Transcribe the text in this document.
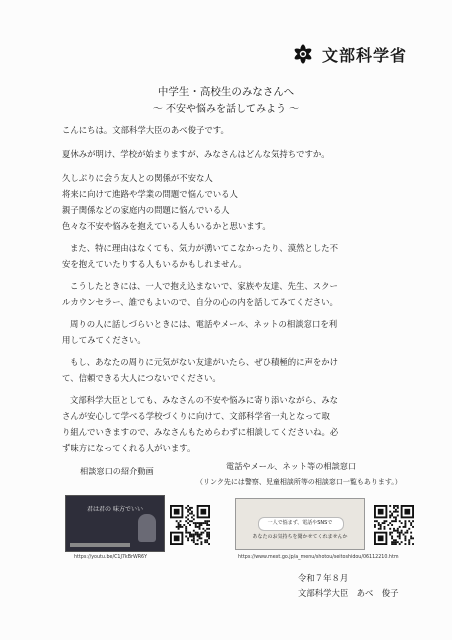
文部科学省
中学生・高校生のみなさんへ
～ 不安や悩みを話してみよう ～
こんにちは。文部科学大臣のあべ俊子です。
夏休みが明け、学校が始まりますが、みなさんはどんな気持ちですか。
久しぶりに会う友人との関係が不安な人
将来に向けて進路や学業の問題で悩んでいる人
親子関係などの家庭内の問題に悩んでいる人
色々な不安や悩みを抱えている人もいるかと思います。
また、特に理由はなくても、気力が湧いてこなかったり、漠然とした不
安を抱えていたりする人もいるかもしれません。
こうしたときには、一人で抱え込まないで、家族や友達、先生、スクー
ルカウンセラー、誰でもよいので、自分の心の内を話してみてください。
周りの人に話しづらいときには、電話やメール、ネットの相談窓口を利
用してみてください。
もし、あなたの周りに元気がない友達がいたら、ぜひ積極的に声をかけ
て、信頼できる大人につないでください。
文部科学大臣としても、みなさんの不安や悩みに寄り添いながら、みな
さんが安心して学べる学校づくりに向けて、文部科学省一丸となって取
り組んでいきますので、みなさんもためらわずに相談してくださいね。必
ず味方になってくれる人がいます。
相談窓口の紹介動画	電話やメール、ネット等の相談窓口
（リンク先には警察、児童相談所等の相談窓口一覧もあります。）
君は君の 味方でいい
https://youtu.be/C1J7kBrWR6Y

一人で悩まず、電話やSNSで
あなたのお気持ちを聞かせてくれませんか
https://www.mext.go.jp/a_menu/shotou/seitoshidou/06112210.htm
令和７年８月
文部科学大臣　あべ　俊子
